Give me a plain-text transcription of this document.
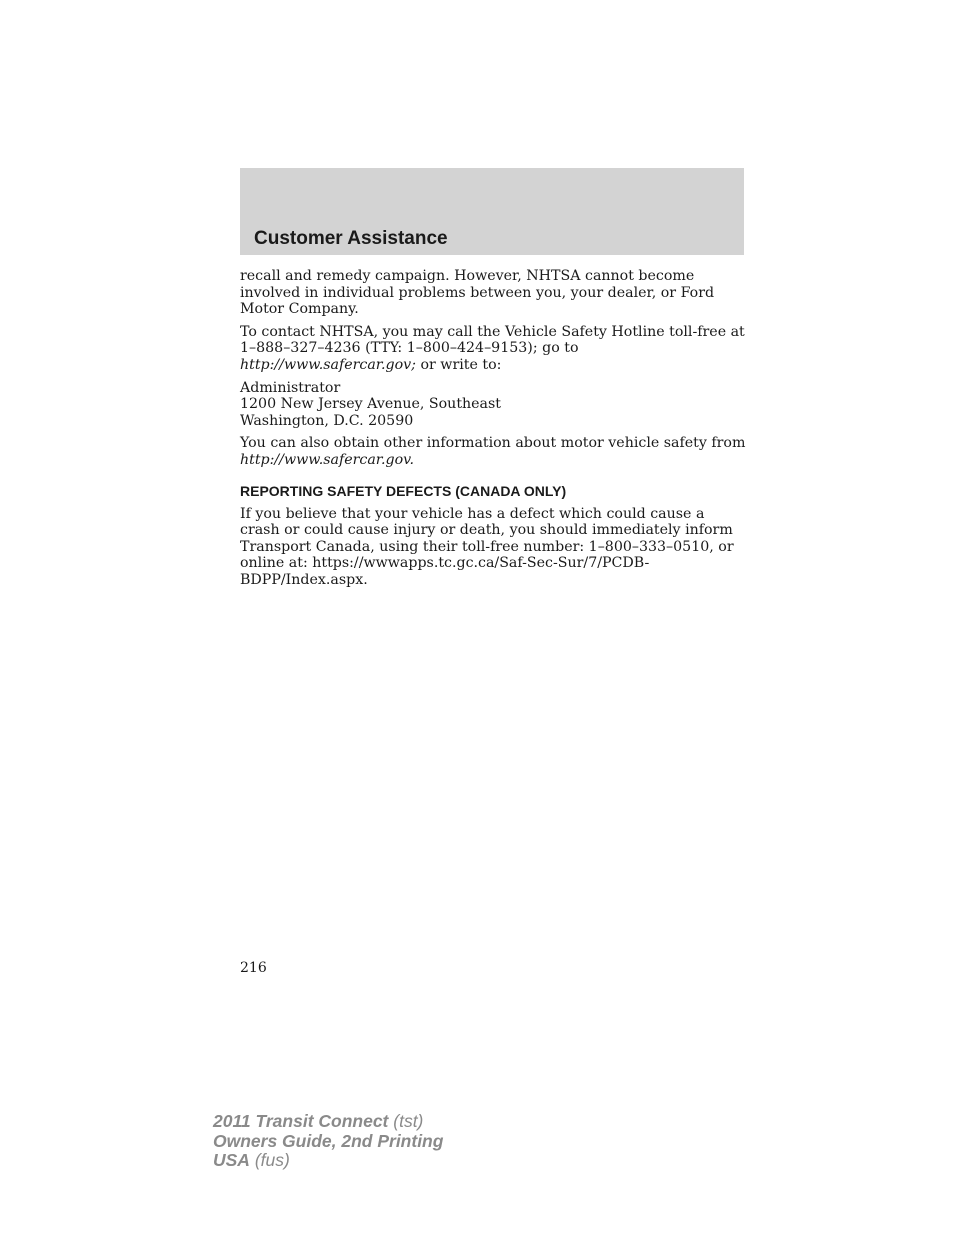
Customer Assistance

recall and remedy campaign. However, NHTSA cannot become involved in individual problems between you, your dealer, or Ford Motor Company.

To contact NHTSA, you may call the Vehicle Safety Hotline toll-free at 1–888–327–4236 (TTY: 1–800–424–9153); go to http://www.safercar.gov; or write to:

Administrator
1200 New Jersey Avenue, Southeast
Washington, D.C. 20590

You can also obtain other information about motor vehicle safety from http://www.safercar.gov.

REPORTING SAFETY DEFECTS (CANADA ONLY)

If you believe that your vehicle has a defect which could cause a crash or could cause injury or death, you should immediately inform Transport Canada, using their toll-free number: 1–800–333–0510, or online at: https://wwwapps.tc.gc.ca/Saf-Sec-Sur/7/PCDB-BDPP/Index.aspx.

216
2011 Transit Connect (tst)
Owners Guide, 2nd Printing
USA (fus)
